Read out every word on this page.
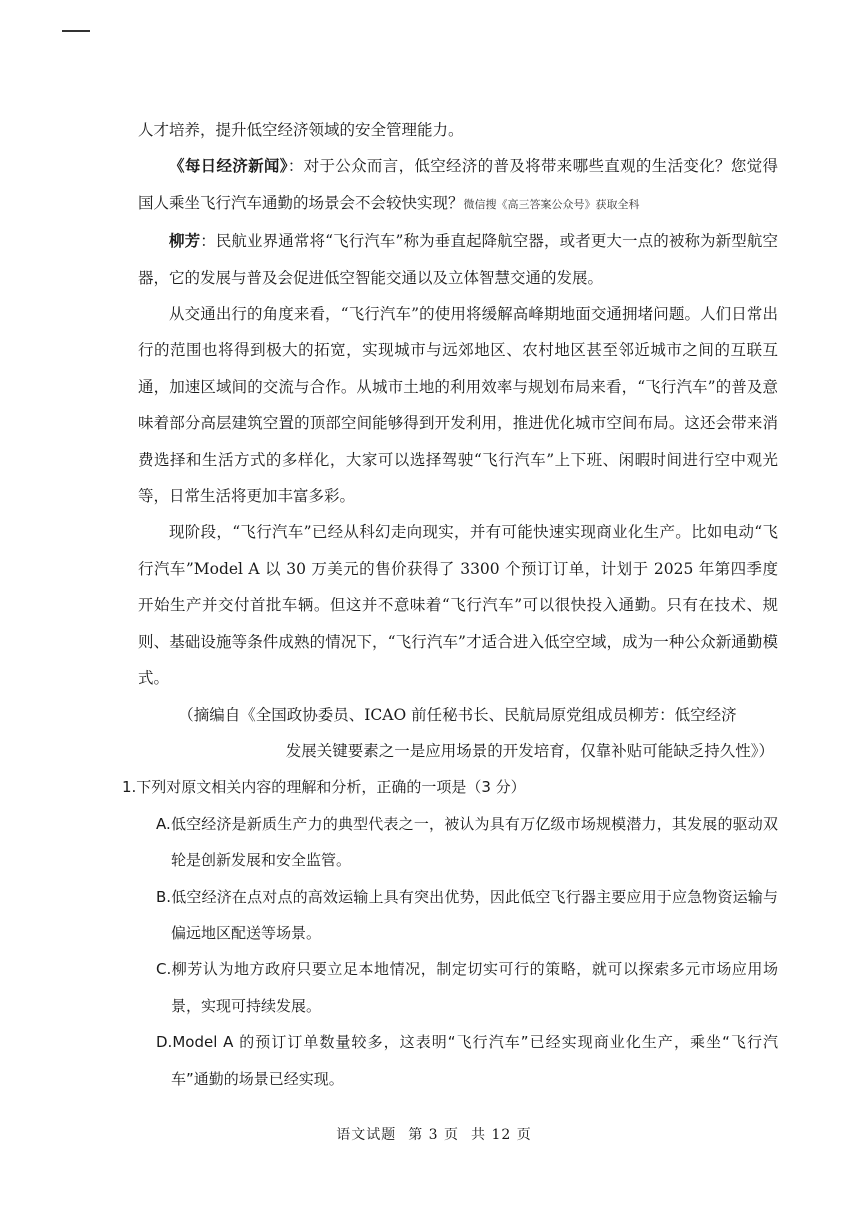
人才培养，提升低空经济领域的安全管理能力。

《每日经济新闻》：对于公众而言，低空经济的普及将带来哪些直观的生活变化？您觉得国人乘坐飞行汽车通勤的场景会不会较快实现？微信搜《高三答案公众号》获取全科

柳芳：民航业界通常将“飞行汽车”称为垂直起降航空器，或者更大一点的被称为新型航空器，它的发展与普及会促进低空智能交通以及立体智慧交通的发展。

从交通出行的角度来看，“飞行汽车”的使用将缓解高峰期地面交通拥堵问题。人们日常出行的范围也将得到极大的拓宽，实现城市与远郊地区、农村地区甚至邻近城市之间的互联互通，加速区域间的交流与合作。从城市土地的利用效率与规划布局来看，“飞行汽车”的普及意味着部分高层建筑空置的顶部空间能够得到开发利用，推进优化城市空间布局。这还会带来消费选择和生活方式的多样化，大家可以选择驾驶“飞行汽车”上下班、闲暇时间进行空中观光等，日常生活将更加丰富多彩。

现阶段，“飞行汽车”已经从科幻走向现实，并有可能快速实现商业化生产。比如电动“飞行汽车”Model A 以 30 万美元的售价获得了 3300 个预订订单，计划于 2025 年第四季度开始生产并交付首批车辆。但这并不意味着“飞行汽车”可以很快投入通勤。只有在技术、规则、基础设施等条件成熟的情况下，“飞行汽车”才适合进入低空空域，成为一种公众新通勤模式。

（摘编自《全国政协委员、ICAO 前任秘书长、民航局原党组成员柳芳：低空经济

发展关键要素之一是应用场景的开发培育，仅靠补贴可能缺乏持久性》）

1.下列对原文相关内容的理解和分析，正确的一项是（3 分）

A.低空经济是新质生产力的典型代表之一，被认为具有万亿级市场规模潜力，其发展的驱动双轮是创新发展和安全监管。

B.低空经济在点对点的高效运输上具有突出优势，因此低空飞行器主要应用于应急物资运输与偏远地区配送等场景。

C.柳芳认为地方政府只要立足本地情况，制定切实可行的策略，就可以探索多元市场应用场景，实现可持续发展。

D.Model A 的预订订单数量较多，这表明“飞行汽车”已经实现商业化生产，乘坐“飞行汽车”通勤的场景已经实现。

语文试题 第 3 页 共 12 页
